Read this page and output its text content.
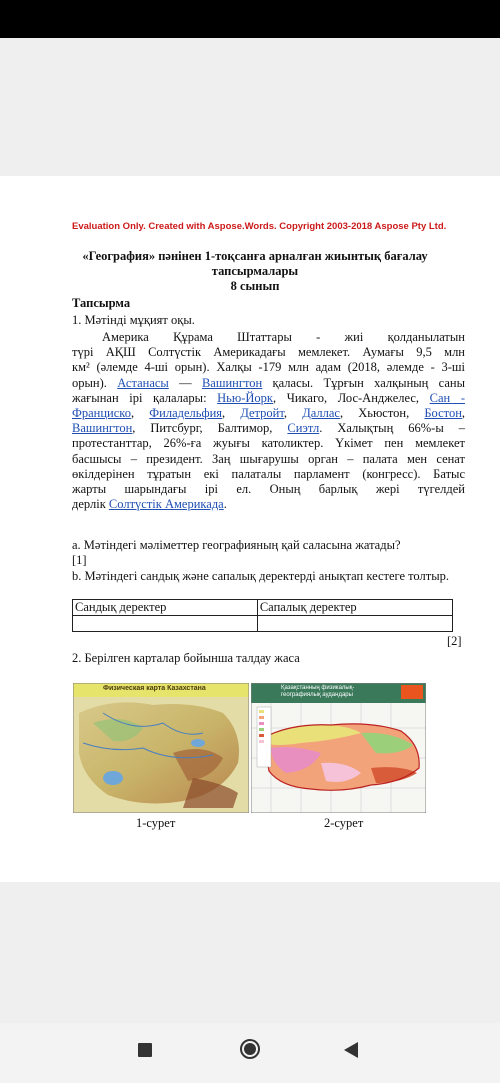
Evaluation Only. Created with Aspose.Words. Copyright 2003-2018 Aspose Pty Ltd.
«География» пәнінен 1-тоқсанға арналған жиынтық бағалау
тапсырмалары
8 сынып
Тапсырма
1. Мәтінді мұқият оқы.
Америка Құрама Штаттары - жиі қолданылатын
түрі АҚШ Солтүстік Америкадағы мемлекет. Аумағы 9,5 млн
км² (әлемде 4-ші орын). Халқы -179 млн адам (2018, әлемде - 3-ші
орын). Астанасы — Вашингтон қаласы. Тұрғын халқының саны
жағынан ірі қалалары: Нью-Йорк, Чикаго, Лос-Анджелес, Сан -
Франциско, Филадельфия, Детройт, Даллас, Хьюстон, Бостон,
Вашингтон, Питсбург, Балтимор, Сиэтл. Халықтың 66%-ы –
протестанттар, 26%-ға жуығы католиктер. Үкімет пен мемлекет
басшысы – президент. Заң шығарушы орган – палата мен сенат
өкілдерінен тұратын екі палаталы парламент (конгресс). Батыс
жарты шарындағы ірі ел. Оның барлық жері түгелдей
дерлік Солтүстік Америкада.
a. Мәтіндегі мәліметтер географияның қай саласына жатады?
[1]
b. Мәтіндегі сандық және сапалық деректерді анықтап кестеге толтыр.
Сандық деректер	Сапалық деректер

[2]
2. Берілген карталар бойынша талдау жаса
Физическая карта Казахстана	Қазақстанның физикалық-географиялық аудандары
1-сурет	2-сурет
